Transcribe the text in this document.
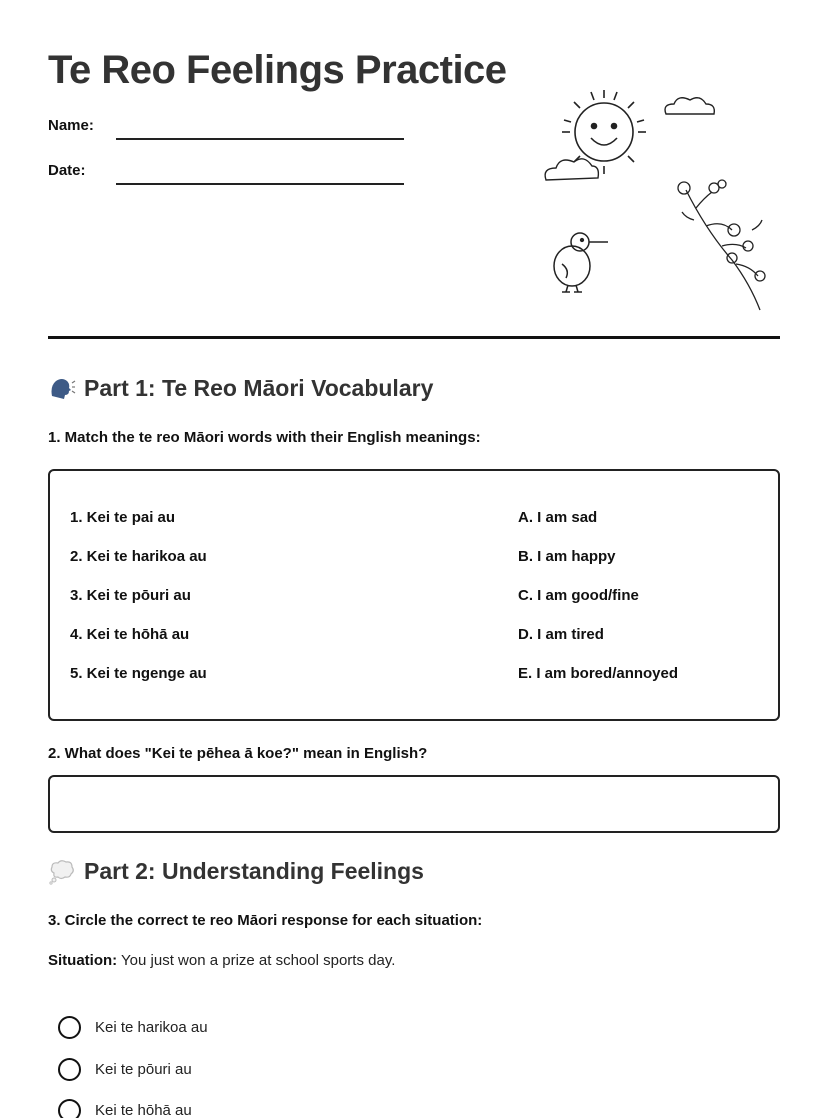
Te Reo Feelings Practice
Name:
Date:
Part 1: Te Reo Māori Vocabulary
1. Match the te reo Māori words with their English meanings:
1. Kei te pai au
2. Kei te harikoa au
3. Kei te pōuri au
4. Kei te hōhā au
5. Kei te ngenge au
A. I am sad
B. I am happy
C. I am good/fine
D. I am tired
E. I am bored/annoyed
2. What does "Kei te pēhea ā koe?" mean in English?
Part 2: Understanding Feelings
3. Circle the correct te reo Māori response for each situation:
Situation: You just won a prize at school sports day.
Kei te harikoa au
Kei te pōuri au
Kei te hōhā au
